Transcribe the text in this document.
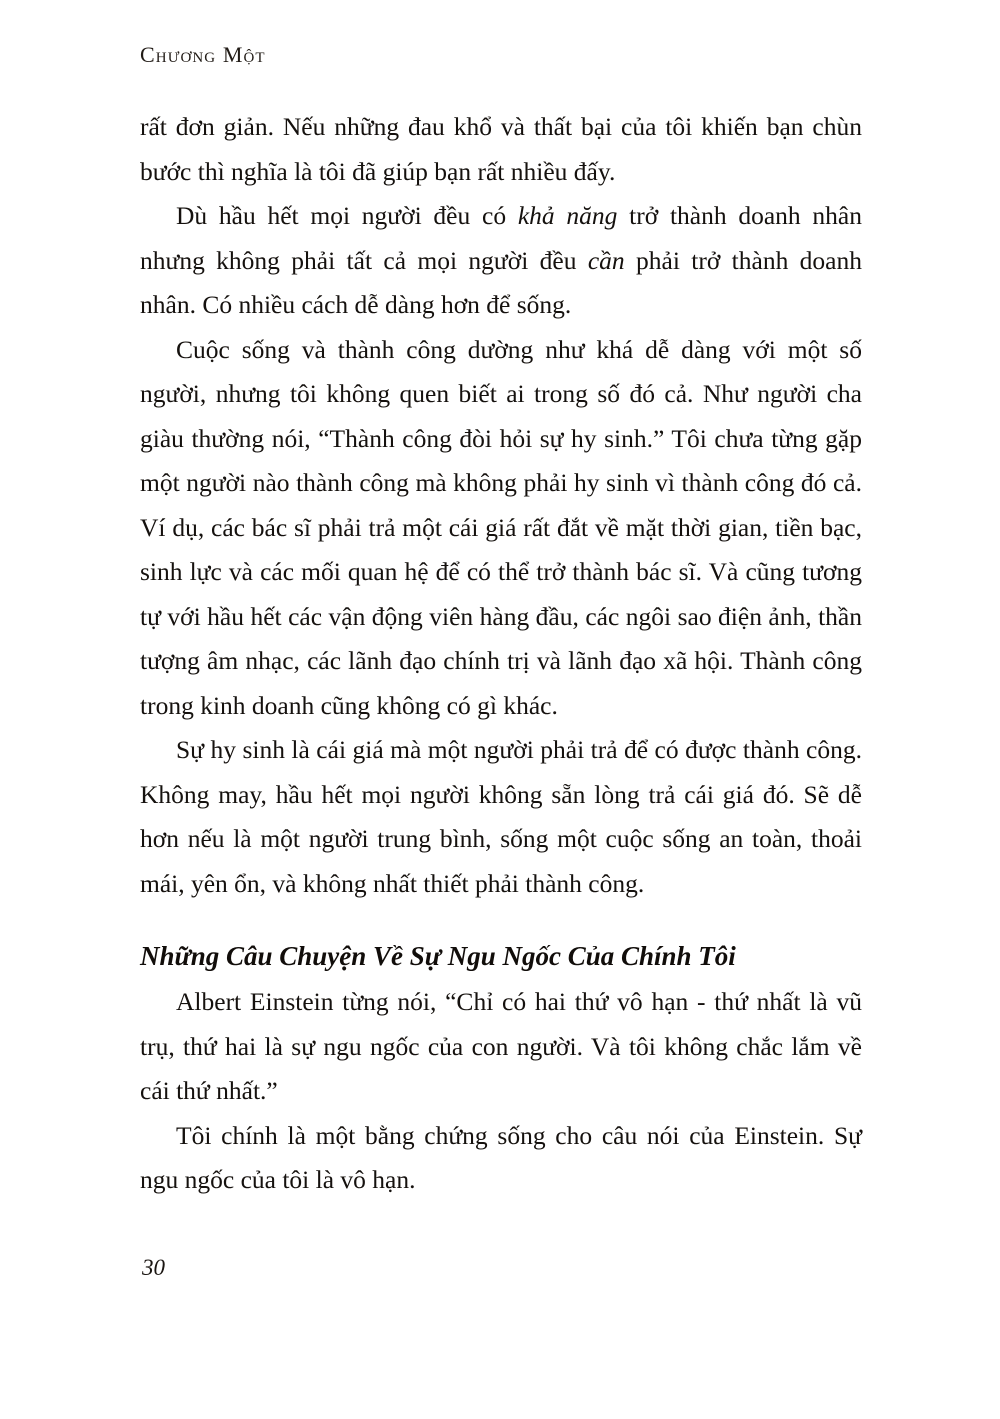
Chương Một

rất đơn giản. Nếu những đau khổ và thất bại của tôi khiến bạn chùn bước thì nghĩa là tôi đã giúp bạn rất nhiều đấy.

Dù hầu hết mọi người đều có khả năng trở thành doanh nhân nhưng không phải tất cả mọi người đều cần phải trở thành doanh nhân. Có nhiều cách dễ dàng hơn để sống.

Cuộc sống và thành công dường như khá dễ dàng với một số người, nhưng tôi không quen biết ai trong số đó cả. Như người cha giàu thường nói, “Thành công đòi hỏi sự hy sinh.” Tôi chưa từng gặp một người nào thành công mà không phải hy sinh vì thành công đó cả. Ví dụ, các bác sĩ phải trả một cái giá rất đắt về mặt thời gian, tiền bạc, sinh lực và các mối quan hệ để có thể trở thành bác sĩ. Và cũng tương tự với hầu hết các vận động viên hàng đầu, các ngôi sao điện ảnh, thần tượng âm nhạc, các lãnh đạo chính trị và lãnh đạo xã hội. Thành công trong kinh doanh cũng không có gì khác.

Sự hy sinh là cái giá mà một người phải trả để có được thành công. Không may, hầu hết mọi người không sẵn lòng trả cái giá đó. Sẽ dễ hơn nếu là một người trung bình, sống một cuộc sống an toàn, thoải mái, yên ổn, và không nhất thiết phải thành công.

Những Câu Chuyện Về Sự Ngu Ngốc Của Chính Tôi

Albert Einstein từng nói, “Chỉ có hai thứ vô hạn - thứ nhất là vũ trụ, thứ hai là sự ngu ngốc của con người. Và tôi không chắc lắm về cái thứ nhất.”

Tôi chính là một bằng chứng sống cho câu nói của Einstein. Sự ngu ngốc của tôi là vô hạn.

30
